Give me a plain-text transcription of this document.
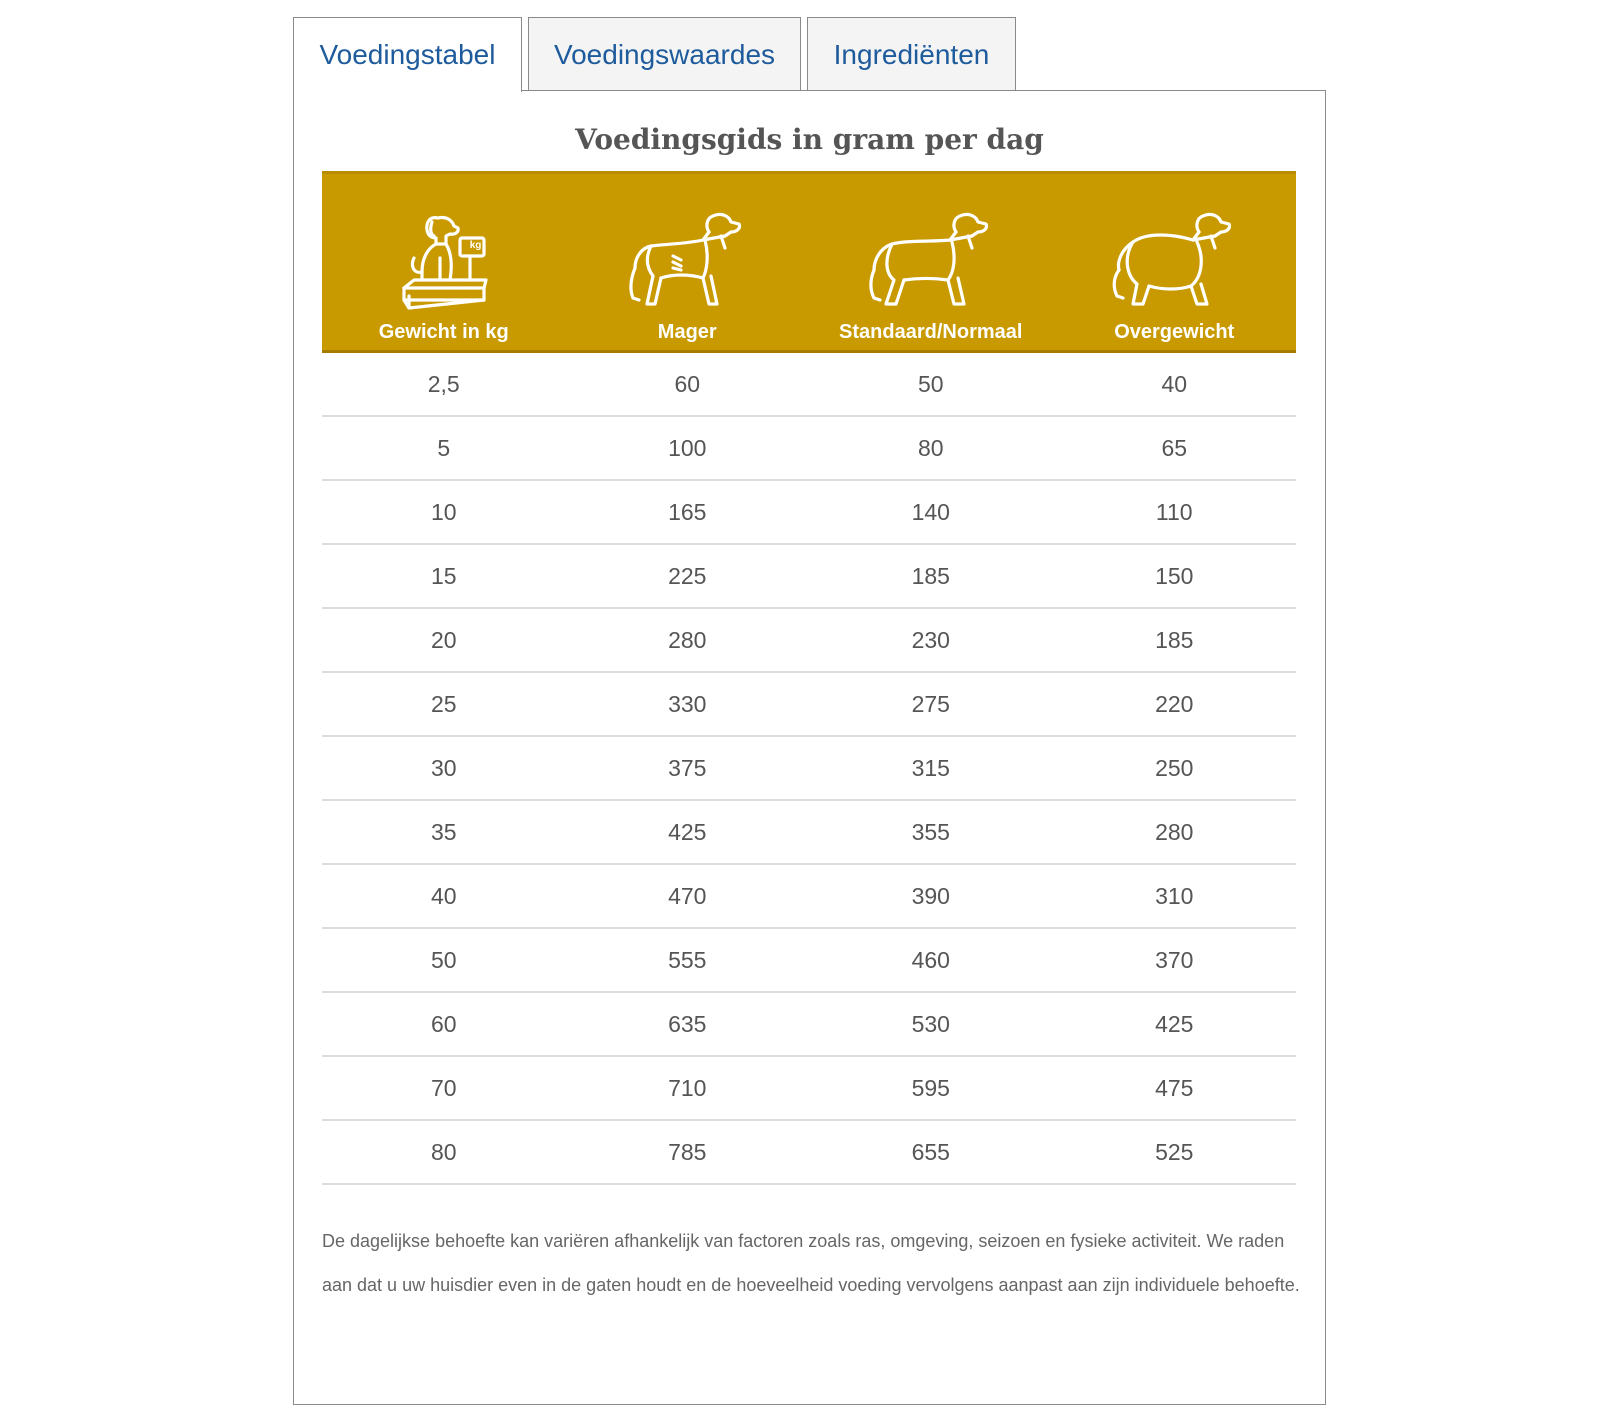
Voedingstabel	Voedingswaardes	Ingrediënten
Voedingsgids in gram per dag
Gewicht in kg
kg
Mager	Standaard/Normaal	Overgewicht
2,5	60	50	40
5	100	80	65
10	165	140	110
15	225	185	150
20	280	230	185
25	330	275	220
30	375	315	250
35	425	355	280
40	470	390	310
50	555	460	370
60	635	530	425
70	710	595	475
80	785	655	525
De dagelijkse behoefte kan variëren afhankelijk van factoren zoals ras, omgeving, seizoen en fysieke activiteit. We raden aan dat u uw huisdier even in de gaten houdt en de hoeveelheid voeding vervolgens aanpast aan zijn individuele behoefte.
